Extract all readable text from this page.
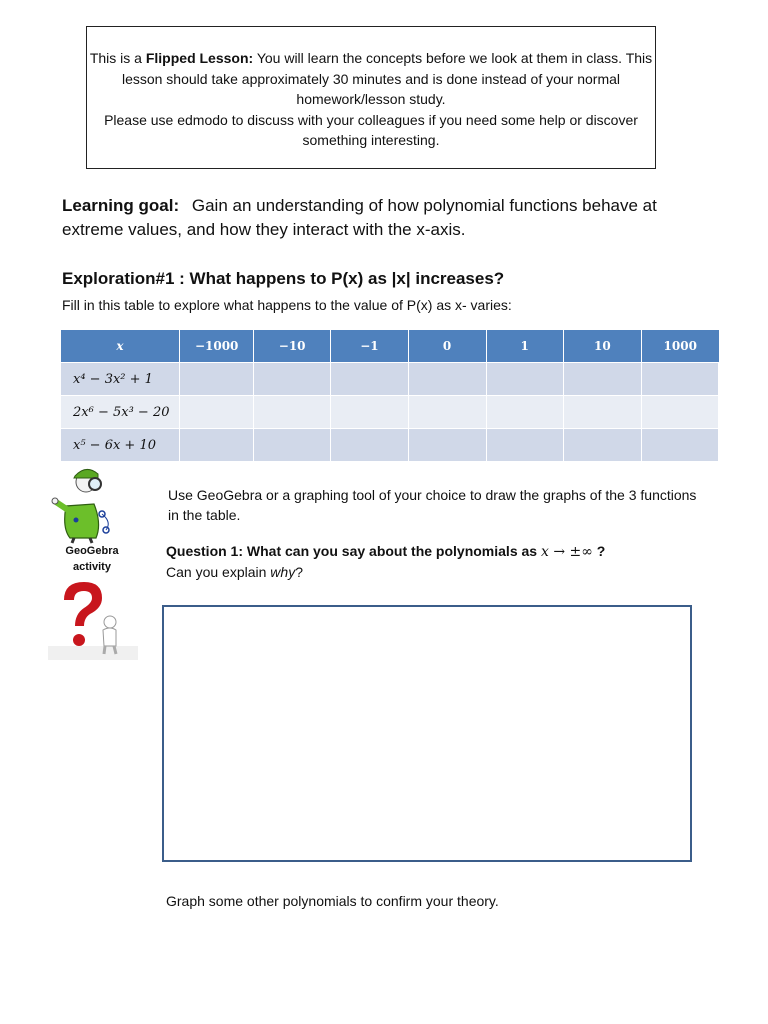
This is a Flipped Lesson: You will learn the concepts before we look at them in class. This lesson should take approximately 30 minutes and is done instead of your normal homework/lesson study.

Please use edmodo to discuss with your colleagues if you need some help or discover something interesting.

Learning goal: Gain an understanding of how polynomial functions behave at extreme values, and how they interact with the x-axis.
Exploration#1 : What happens to P(x) as |x| increases?
Fill in this table to explore what happens to the value of P(x) as x- varies:
x	−1000	−10	−1	0	1	10	1000
x⁴ − 3x² + 1							
2x⁶ − 5x³ − 20							
x⁵ − 6x + 10							
GeoGebra
activity
Use GeoGebra or a graphing tool of your choice to draw the graphs of the 3 functions in the table.
Question 1: What can you say about the polynomials as x → ±∞ ?
Can you explain why?
Graph some other polynomials to confirm your theory.
